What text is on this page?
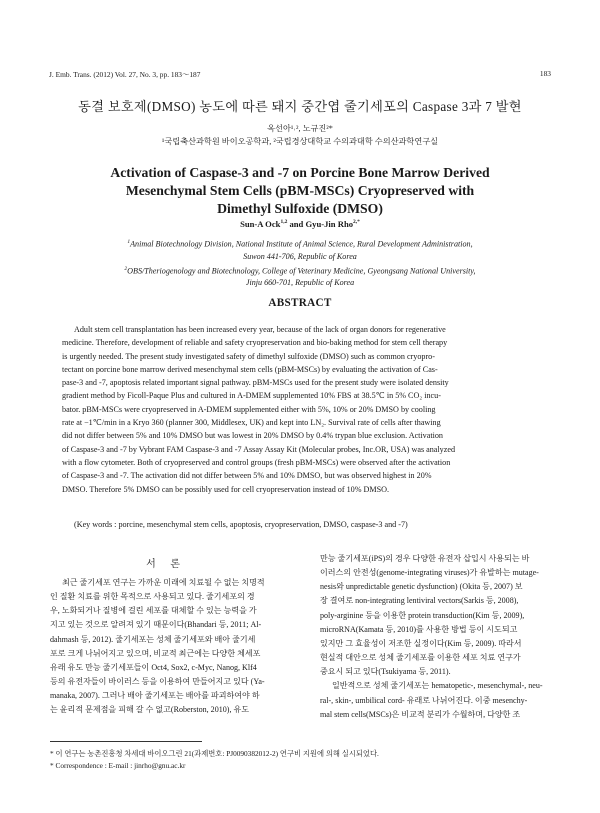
J. Emb. Trans. (2012) Vol. 27, No. 3, pp. 183～187	183
동결 보호제(DMSO) 농도에 따른 돼지 중간엽 줄기세포의 Caspase 3과 7 발현
옥선아¹˒², 노규진²*
¹국립축산과학원 바이오공학과, ²국립경상대학교 수의과대학 수의산과학연구실
Activation of Caspase-3 and -7 on Porcine Bone Marrow Derived
Mesenchymal Stem Cells (pBM-MSCs) Cryopreserved with
Dimethyl Sulfoxide (DMSO)
Sun-A Ock$^{1,2}$ and Gyu-Jin Rho$^{2,*}$
$^1$Animal Biotechnology Division, National Institute of Animal Science, Rural Development Administration,
Suwon 441-706, Republic of Korea
$^2$OBS/Theriogenology and Biotechnology, College of Veterinary Medicine, Gyeongsang National University,
Jinju 660-701, Republic of Korea
ABSTRACT
Adult stem cell transplantation has been increased every year, because of the lack of organ donors for regenerative
medicine. Therefore, development of reliable and safety cryopreservation and bio-baking method for stem cell therapy
is urgently needed. The present study investigated safety of dimethyl sulfoxide (DMSO) such as common cryopro-
tectant on porcine bone marrow derived mesenchymal stem cells (pBM-MSCs) by evaluating the activation of Cas-
pase-3 and -7, apoptosis related important signal pathway. pBM-MSCs used for the present study were isolated density
gradient method by Ficoll-Paque Plus and cultured in A-DMEM supplemented 10% FBS at 38.5℃ in 5% CO₂ incu-
bator. pBM-MSCs were cryopreserved in A-DMEM supplemented either with 5%, 10% or 20% DMSO by cooling
rate at −1℃/min in a Kryo 360 (planner 300, Middlesex, UK) and kept into LN₂. Survival rate of cells after thawing
did not differ between 5% and 10% DMSO but was lowest in 20% DMSO by 0.4% trypan blue exclusion. Activation
of Caspase-3 and -7 by Vybrant FAM Caspase-3 and -7 Assay Assay Kit (Molecular probes, Inc.OR, USA) was analyzed
with a flow cytometer. Both of cryopreserved and control groups (fresh pBM-MSCs) were observed after the activation
of Caspase-3 and -7. The activation did not differ between 5% and 10% DMSO, but was observed highest in 20%
DMSO. Therefore 5% DMSO can be possibly used for cell cryopreservation instead of 10% DMSO.
(Key words : porcine, mesenchymal stem cells, apoptosis, cryopreservation, DMSO, caspase-3 and -7)
서 론
최근 줄기세포 연구는 가까운 미래에 치료될 수 없는 치명적
인 질환 치료를 위한 목적으로 사용되고 있다. 줄기세포의 경
우, 노화되거나 질병에 걸린 세포를 대체할 수 있는 능력을 가
지고 있는 것으로 알려져 있기 때문이다(Bhandari 등, 2011; Al-
dahmash 등, 2012). 줄기세포는 성체 줄기세포와 배아 줄기세
포로 크게 나뉘어지고 있으며, 비교적 최근에는 다양한 체세포
유래 유도 만능 줄기세포들이 Oct4, Sox2, c-Myc, Nanog, Klf4
등의 유전자들이 바이러스 등을 이용하여 만들어지고 있다 (Ya-
manaka, 2007). 그러나 배아 줄기세포는 배아를 파괴하여야 하
는 윤리적 문제점을 피해 갈 수 없고(Roberston, 2010), 유도
만능 줄기세포(iPS)의 경우 다양한 유전자 삽입시 사용되는 바
이러스의 안전성(genome-integrating viruses)가 유발하는 mutage-
nesis와 unpredictable genetic dysfunction) (Okita 등, 2007) 보
장 결여로 non-integrating lentiviral vectors(Sarkis 등, 2008),
poly-arginine 등을 이용한 protein transduction(Kim 등, 2009),
microRNA(Kamata 등, 2010)를 사용한 방법 등이 시도되고
있지만 그 효율성이 저조한 실정이다(Kim 등, 2009). 따라서
현실적 대안으로 성체 줄기세포를 이용한 세포 치료 연구가
중요시 되고 있다(Tsukiyama 등, 2011).
일반적으로 성체 줄기세포는 hematopetic-, mesenchymal-, neu-
ral-, skin-, umbilical cord- 유래로 나뉘어진다. 이중 mesenchy-
mal stem cells(MSCs)은 비교적 분리가 수월하며, 다양한 조
* 이 연구는 농촌진흥청 차세대 바이오그린 21(과제번호: PJ0090382012-2) 연구비 지원에 의해 실시되었다.
* Correspondence : E-mail : jinrho@gnu.ac.kr
